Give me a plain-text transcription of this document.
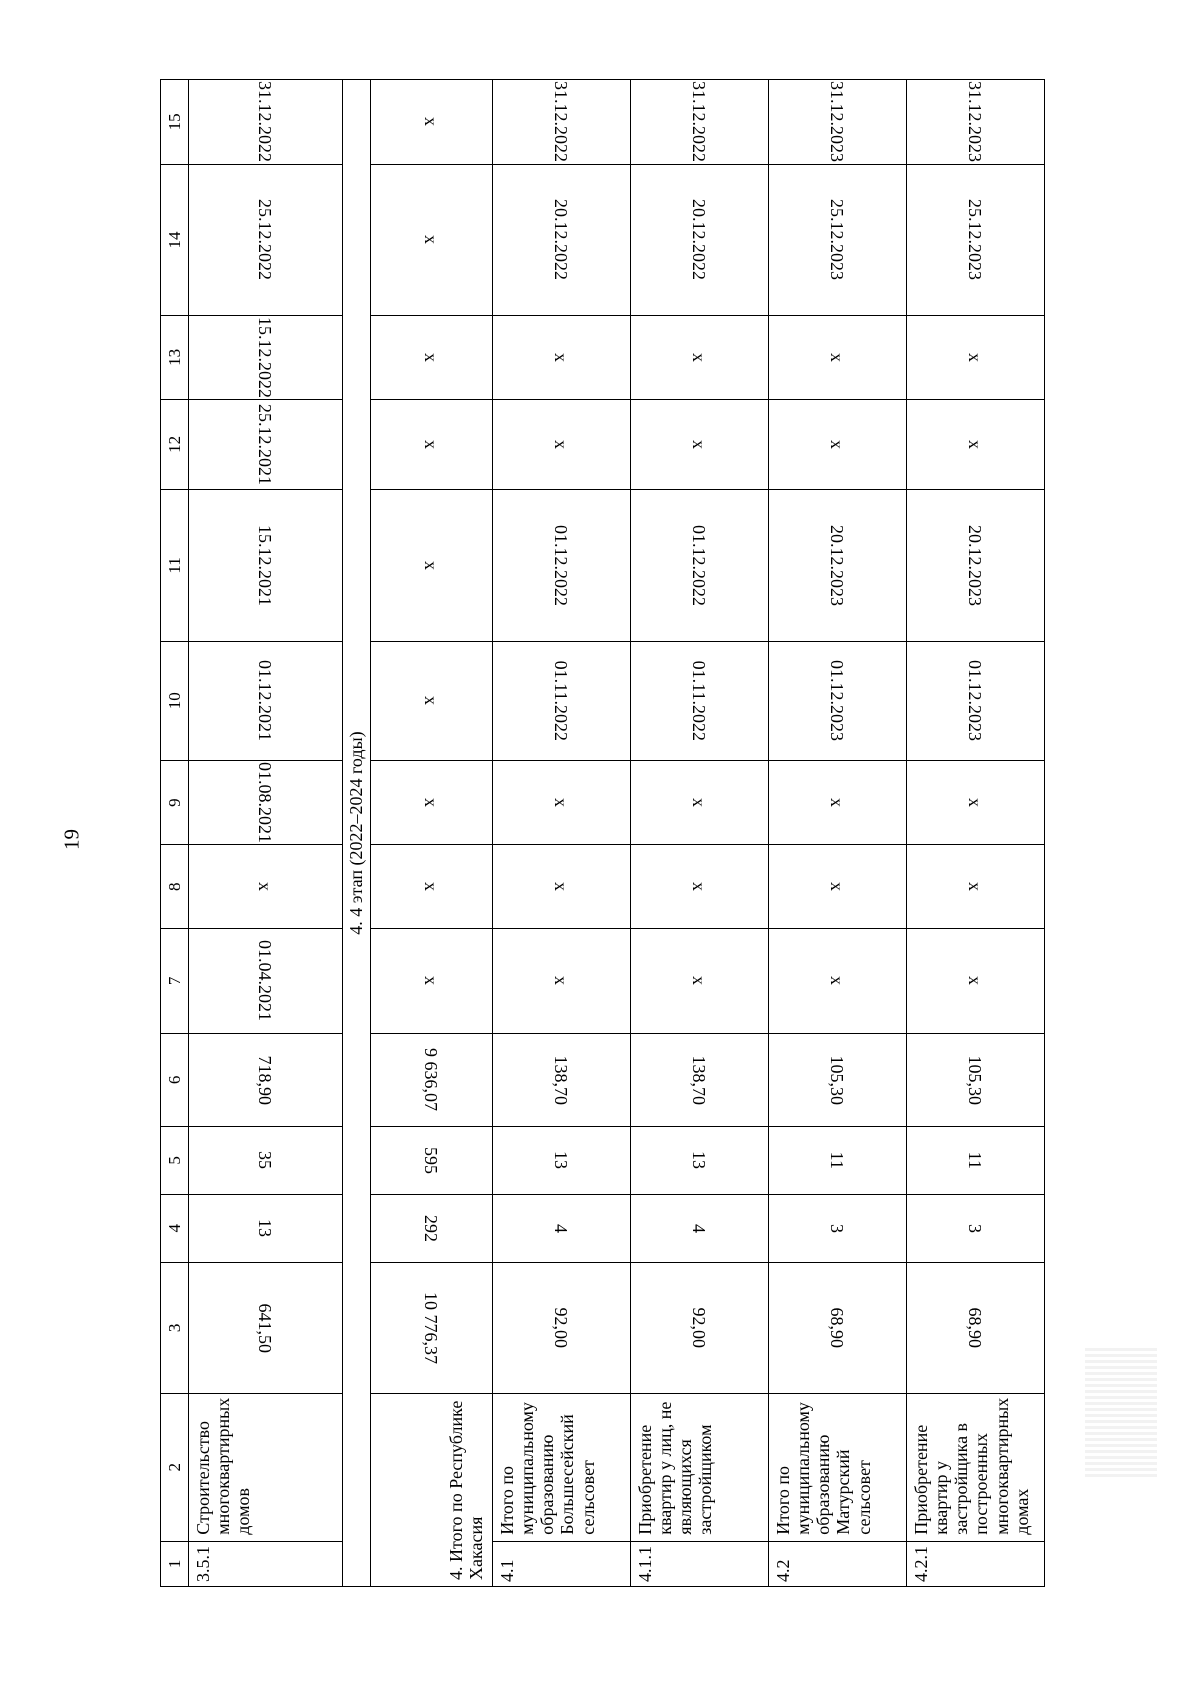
19
1	2	3	4	5	6	7	8	9	10	11	12	13	14	15
3.5.1	Строительство многоквартирных домов	641,50	13	35	718,90	01.04.2021	х	01.08.2021	01.12.2021	15.12.2021	25.12.2021	15.12.2022	25.12.2022	31.12.2022
4. 4 этап (2022–2024 годы)														
4. Итого по Республике Хакасия		10 776,37	292	595	9 636,07	х	х	х	х	х	х	х	х	х
4.1	Итого по муниципальному образованию Большесейский сельсовет	92,00	4	13	138,70	х	х	х	01.11.2022	01.12.2022	х	х	20.12.2022	31.12.2022
4.1.1	Приобретение квартир у лиц, не являющихся застройщиком	92,00	4	13	138,70	х	х	х	01.11.2022	01.12.2022	х	х	20.12.2022	31.12.2022
4.2	Итого по муниципальному образованию Матурский сельсовет	68,90	3	11	105,30	х	х	х	01.12.2023	20.12.2023	х	х	25.12.2023	31.12.2023
4.2.1	Приобретение квартир у застройщика в построенных многоквартирных домах	68,90	3	11	105,30	х	х	х	01.12.2023	20.12.2023	х	х	25.12.2023	31.12.2023
